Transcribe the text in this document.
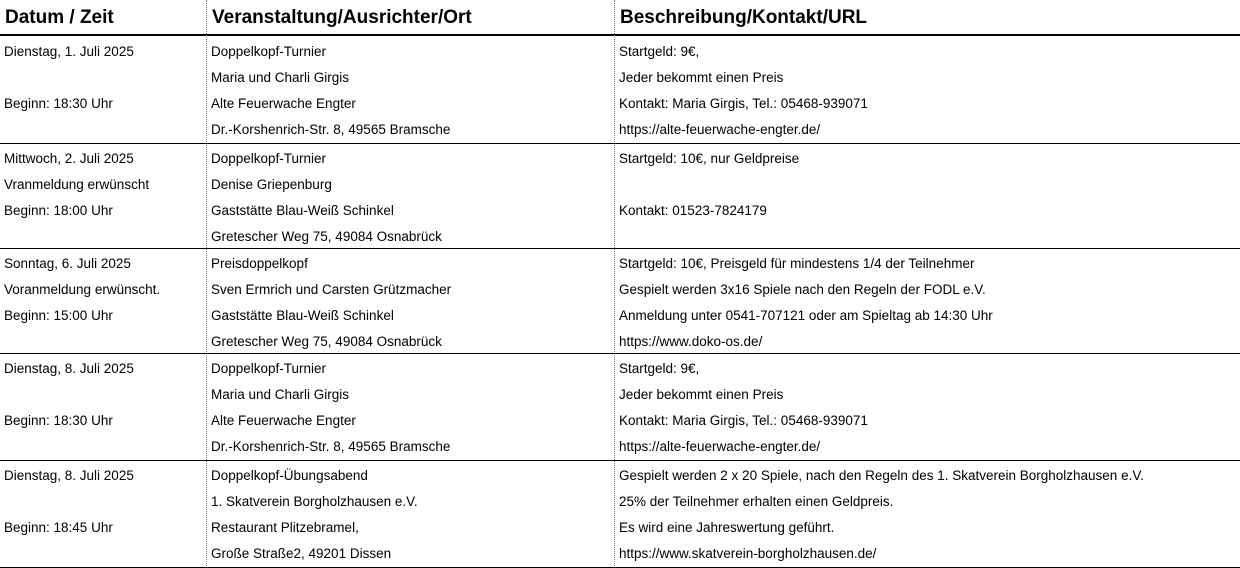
Datum / Zeit	Veranstaltung/Ausrichter/Ort	Beschreibung/Kontakt/URL
Dienstag, 1. Juli 2025
Beginn: 18:30 Uhr
Doppelkopf-Turnier
Maria und Charli Girgis
Alte Feuerwache Engter
Dr.-Korshenrich-Str. 8, 49565 Bramsche
Startgeld: 9€,
Jeder bekommt einen Preis
Kontakt: Maria Girgis, Tel.: 05468-939071
https://alte-feuerwache-engter.de/
Mittwoch, 2. Juli 2025
Vranmeldung erwünscht
Beginn: 18:00 Uhr
Doppelkopf-Turnier
Denise Griepenburg
Gaststätte Blau-Weiß Schinkel
Gretescher Weg 75, 49084 Osnabrück
Startgeld: 10€, nur Geldpreise
Kontakt: 01523-7824179
Sonntag, 6. Juli 2025
Voranmeldung erwünscht.
Beginn: 15:00 Uhr
Preisdoppelkopf
Sven Ermrich und Carsten Grützmacher
Gaststätte Blau-Weiß Schinkel
Gretescher Weg 75, 49084 Osnabrück
Startgeld: 10€, Preisgeld für mindestens 1/4 der Teilnehmer
Gespielt werden 3x16 Spiele nach den Regeln der FODL e.V.
Anmeldung unter 0541-707121 oder am Spieltag ab 14:30 Uhr
https://www.doko-os.de/
Dienstag, 8. Juli 2025
Beginn: 18:30 Uhr
Doppelkopf-Turnier
Maria und Charli Girgis
Alte Feuerwache Engter
Dr.-Korshenrich-Str. 8, 49565 Bramsche
Startgeld: 9€,
Jeder bekommt einen Preis
Kontakt: Maria Girgis, Tel.: 05468-939071
https://alte-feuerwache-engter.de/
Dienstag, 8. Juli 2025
Beginn: 18:45 Uhr
Doppelkopf-Übungsabend
1. Skatverein Borgholzhausen e.V.
Restaurant Plitzebramel,
Große Straße2, 49201 Dissen
Gespielt werden 2 x 20 Spiele, nach den Regeln des 1. Skatverein Borgholzhausen e.V.
25% der Teilnehmer erhalten einen Geldpreis.
Es wird eine Jahreswertung geführt.
https://www.skatverein-borgholzhausen.de/
